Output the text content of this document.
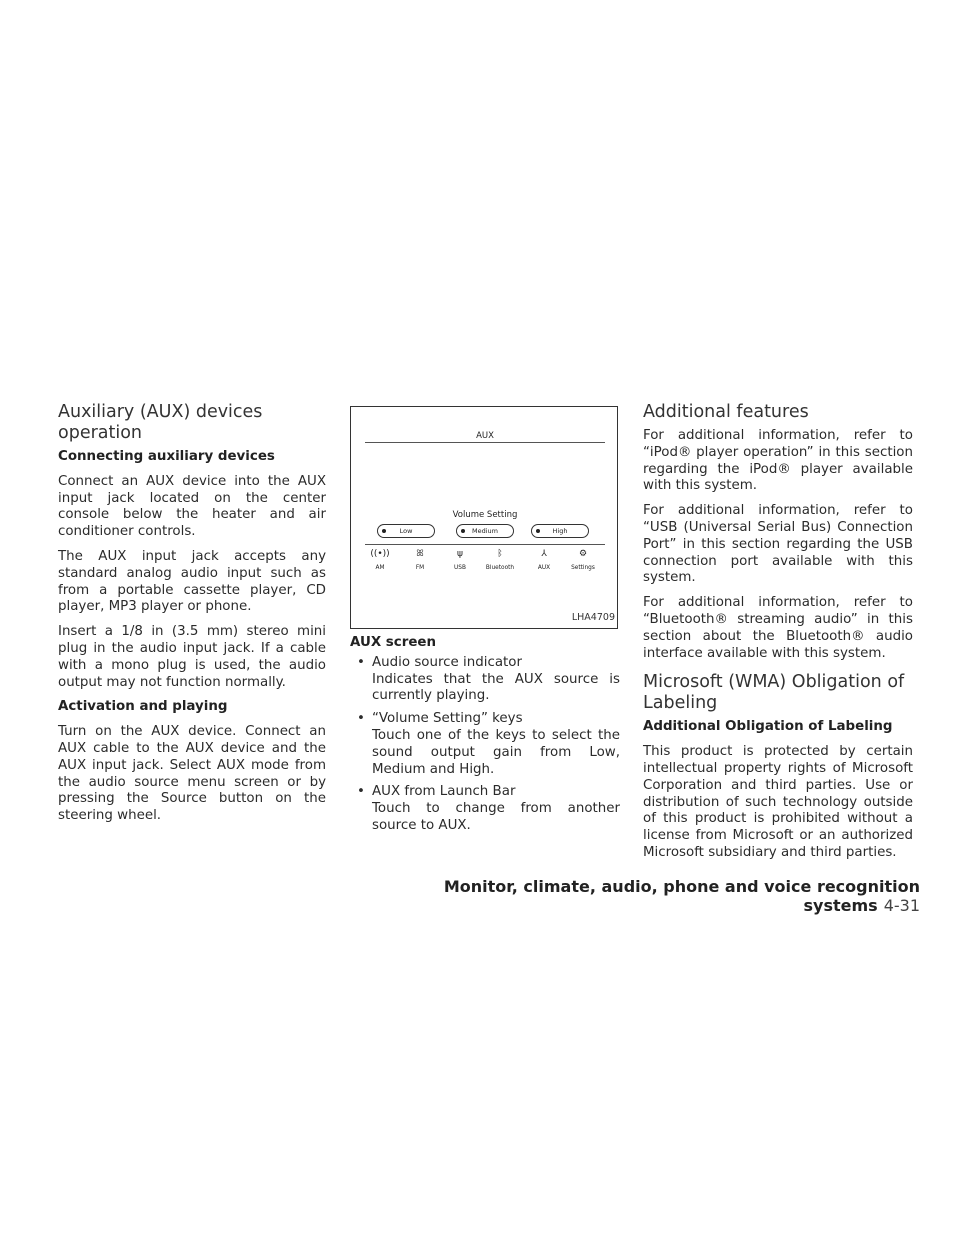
Auxiliary (AUX) devices operation
Connecting auxiliary devices

Connect an AUX device into the AUX input jack located on the center console below the heater and air conditioner controls.

The AUX input jack accepts any standard analog audio input such as from a portable cassette player, CD player, MP3 player or phone.

Insert a 1/8 in (3.5 mm) stereo mini plug in the audio input jack. If a cable with a mono plug is used, the audio output may not function normally.

Activation and playing

Turn on the AUX device. Connect an AUX cable to the AUX device and the AUX input jack. Select AUX mode from the audio source menu screen or by pressing the Source button on the steering wheel.

AUX
Volume Setting
Low	Medium	High
((•))
AM
ꕤ
FM
ψ
USB
ᛒ
Bluetooth
⅄
AUX
⚙
Settings
LHA4709
AUX screen
• Audio source indicator
Indicates that the AUX source is currently playing.
• “Volume Setting” keys
Touch one of the keys to select the sound output gain from Low, Medium and High.
• AUX from Launch Bar
Touch to change from another source to AUX.
Additional features

For additional information, refer to “iPod® player operation” in this section regarding the iPod® player available with this system.

For additional information, refer to “USB (Universal Serial Bus) Connection Port” in this section regarding the USB connection port available with this system.

For additional information, refer to “Bluetooth® streaming audio” in this section about the Bluetooth® audio interface available with this system.

Microsoft (WMA) Obligation of Labeling
Additional Obligation of Labeling

This product is protected by certain intellectual property rights of Microsoft Corporation and third parties. Use or distribution of such technology outside of this product is prohibited without a license from Microsoft or an authorized Microsoft subsidiary and third parties.

Monitor, climate, audio, phone and voice recognition systems 4-31
